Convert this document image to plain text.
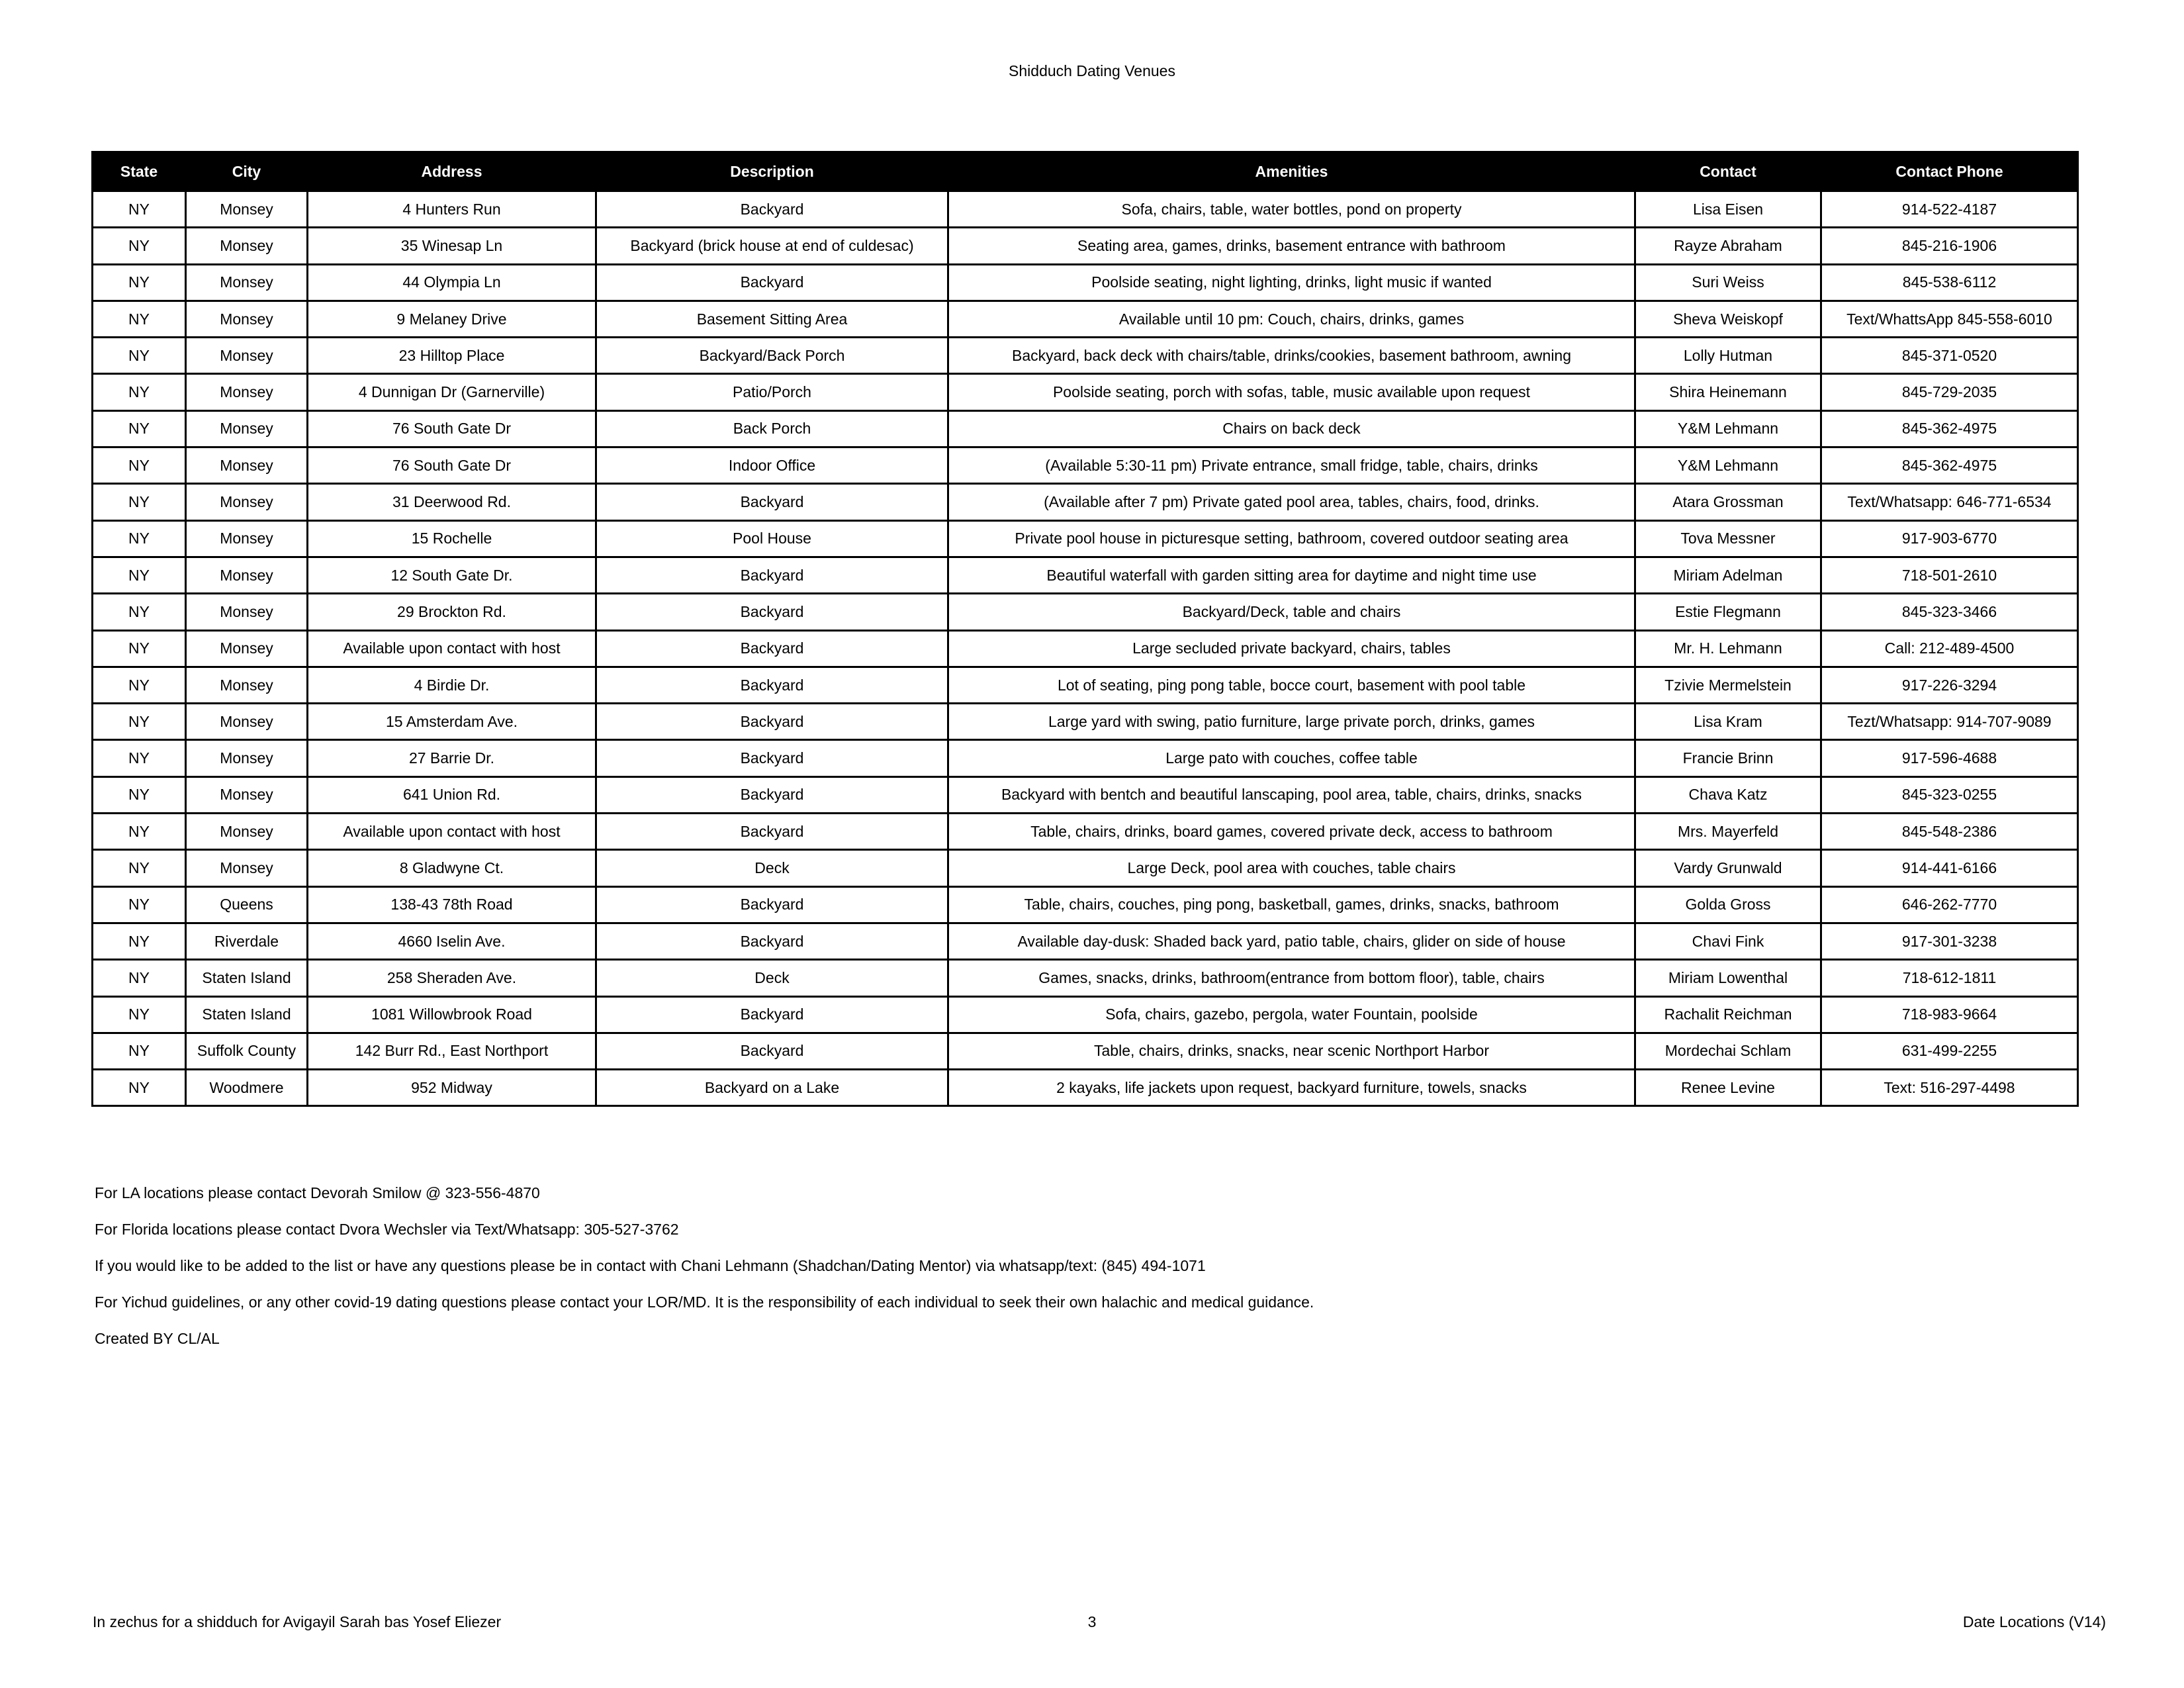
Shidduch Dating Venues
State	City	Address	Description	Amenities	Contact	Contact Phone
NY	Monsey	4 Hunters Run	Backyard	Sofa, chairs, table, water bottles, pond on property	Lisa Eisen	914-522-4187
NY	Monsey	35 Winesap Ln	Backyard (brick house at end of culdesac)	Seating area, games, drinks, basement entrance with bathroom	Rayze Abraham	845-216-1906
NY	Monsey	44 Olympia Ln	Backyard	Poolside seating, night lighting, drinks, light music if wanted	Suri Weiss	845-538-6112
NY	Monsey	9 Melaney Drive	Basement Sitting Area	Available until 10 pm: Couch, chairs, drinks, games	Sheva Weiskopf	Text/WhattsApp 845-558-6010
NY	Monsey	23 Hilltop Place	Backyard/Back Porch	Backyard, back deck with chairs/table, drinks/cookies, basement bathroom, awning	Lolly Hutman	845-371-0520
NY	Monsey	4 Dunnigan Dr (Garnerville)	Patio/Porch	Poolside seating, porch with sofas, table, music available upon request	Shira Heinemann	845-729-2035
NY	Monsey	76 South Gate Dr	Back Porch	Chairs on back deck	Y&M Lehmann	845-362-4975
NY	Monsey	76 South Gate Dr	Indoor Office	(Available 5:30-11 pm) Private entrance, small fridge, table, chairs, drinks	Y&M Lehmann	845-362-4975
NY	Monsey	31 Deerwood Rd.	Backyard	(Available after 7 pm) Private gated pool area, tables, chairs, food, drinks.	Atara Grossman	Text/Whatsapp: 646-771-6534
NY	Monsey	15 Rochelle	Pool House	Private pool house in picturesque setting, bathroom, covered outdoor seating area	Tova Messner	917-903-6770
NY	Monsey	12 South Gate Dr.	Backyard	Beautiful waterfall with garden sitting area for daytime and night time use	Miriam Adelman	718-501-2610
NY	Monsey	29 Brockton Rd.	Backyard	Backyard/Deck, table and chairs	Estie Flegmann	845-323-3466
NY	Monsey	Available upon contact with host	Backyard	Large secluded private backyard, chairs, tables	Mr. H. Lehmann	Call: 212-489-4500
NY	Monsey	4 Birdie Dr.	Backyard	Lot of seating, ping pong table, bocce court, basement with pool table	Tzivie Mermelstein	917-226-3294
NY	Monsey	15 Amsterdam Ave.	Backyard	Large yard with swing, patio furniture, large private porch, drinks, games	Lisa Kram	Tezt/Whatsapp: 914-707-9089
NY	Monsey	27 Barrie Dr.	Backyard	Large pato with couches, coffee table	Francie Brinn	917-596-4688
NY	Monsey	641 Union Rd.	Backyard	Backyard with bentch and beautiful lanscaping, pool area, table, chairs, drinks, snacks	Chava Katz	845-323-0255
NY	Monsey	Available upon contact with host	Backyard	Table, chairs, drinks, board games, covered private deck, access to bathroom	Mrs. Mayerfeld	845-548-2386
NY	Monsey	8 Gladwyne Ct.	Deck	Large Deck, pool area with couches, table chairs	Vardy Grunwald	914-441-6166
NY	Queens	138-43 78th Road	Backyard	Table, chairs, couches, ping pong, basketball, games, drinks, snacks, bathroom	Golda Gross	646-262-7770
NY	Riverdale	4660 Iselin Ave.	Backyard	Available day-dusk: Shaded back yard, patio table, chairs, glider on side of house	Chavi Fink	917-301-3238
NY	Staten Island	258 Sheraden Ave.	Deck	Games, snacks, drinks, bathroom(entrance from bottom floor), table, chairs	Miriam Lowenthal	718-612-1811
NY	Staten Island	1081 Willowbrook Road	Backyard	Sofa, chairs, gazebo, pergola, water Fountain, poolside	Rachalit Reichman	718-983-9664
NY	Suffolk County	142 Burr Rd., East Northport	Backyard	Table, chairs, drinks, snacks, near scenic Northport Harbor	Mordechai Schlam	631-499-2255
NY	Woodmere	952 Midway	Backyard on a Lake	2 kayaks, life jackets upon request, backyard furniture, towels, snacks	Renee Levine	Text: 516-297-4498

For LA locations please contact Devorah Smilow @ 323-556-4870

For Florida locations please contact Dvora Wechsler via Text/Whatsapp: 305-527-3762

If you would like to be added to the list or have any questions please be in contact with Chani Lehmann (Shadchan/Dating Mentor) via whatsapp/text: (845) 494-1071

For Yichud guidelines, or any other covid-19 dating questions please contact your LOR/MD. It is the responsibility of each individual to seek their own halachic and medical guidance.

Created BY CL/AL

In zechus for a shidduch for Avigayil Sarah bas Yosef Eliezer	3	Date Locations (V14)
